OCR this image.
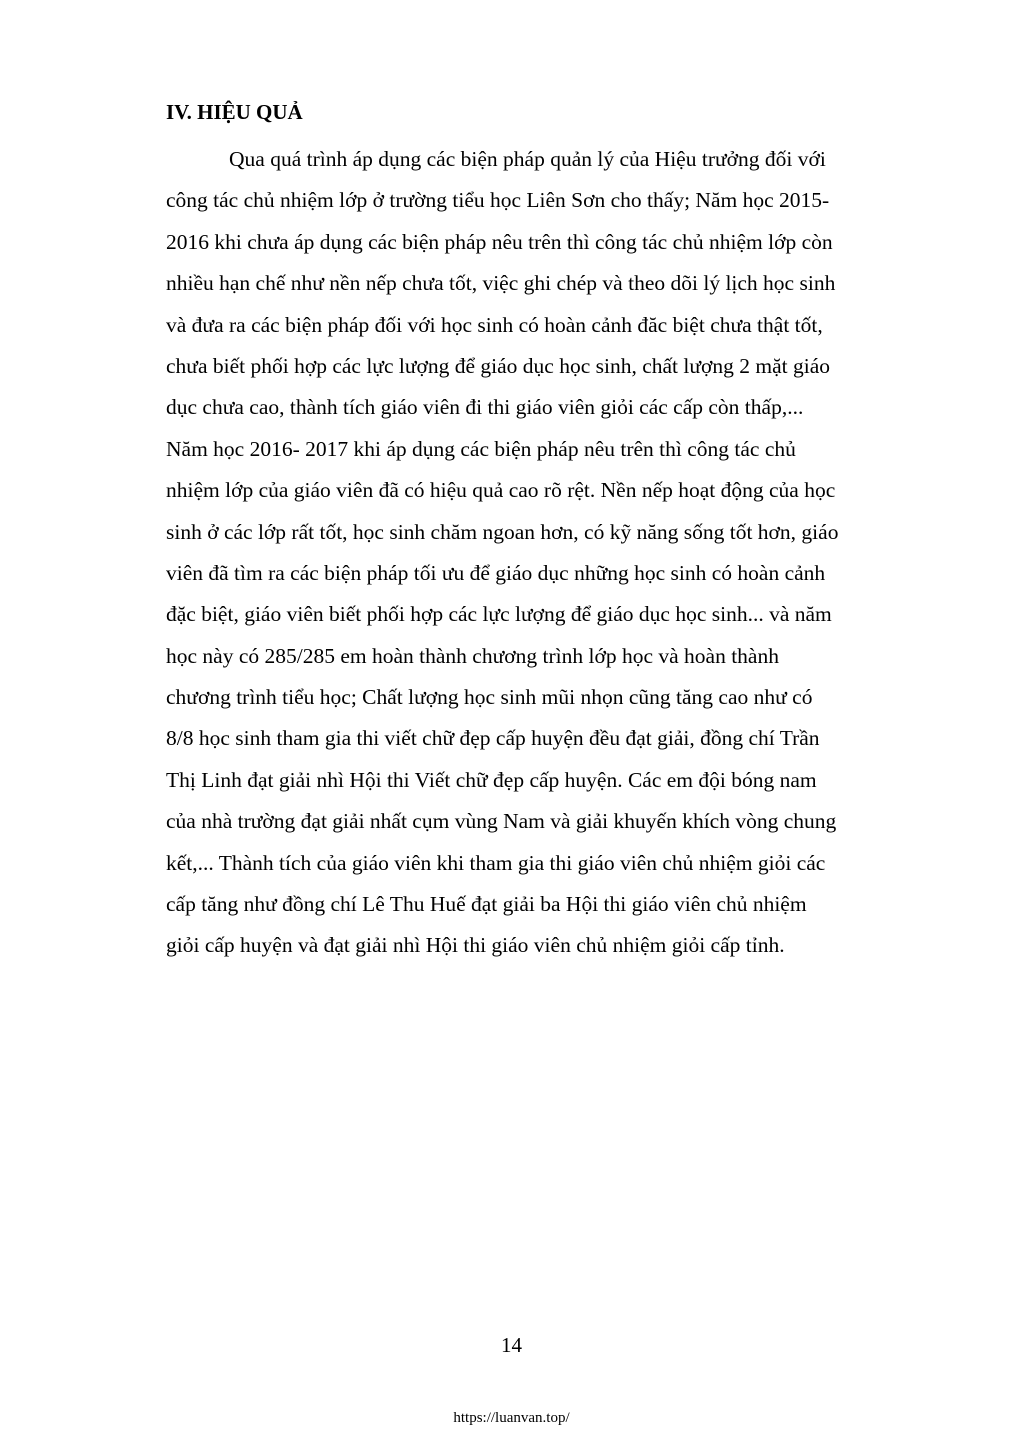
IV. HIỆU QUẢ
Qua quá trình áp dụng các biện pháp quản lý của Hiệu trưởng đối với
công tác chủ nhiệm lớp ở trường tiểu học Liên Sơn cho thấy; Năm học 2015-
2016 khi chưa áp dụng các biện pháp nêu trên thì công tác chủ nhiệm lớp còn
nhiều hạn chế như nền nếp chưa tốt, việc ghi chép và theo dõi lý lịch học sinh
và đưa ra các biện pháp đối với học sinh có hoàn cảnh đăc biệt chưa thật tốt,
chưa biết phối hợp các lực lượng để giáo dục học sinh, chất lượng 2 mặt giáo
dục chưa cao, thành tích giáo viên đi thi giáo viên giỏi các cấp còn thấp,...
Năm học 2016- 2017 khi áp dụng các biện pháp nêu trên thì công tác chủ
nhiệm lớp của giáo viên đã có hiệu quả cao rõ rệt. Nền nếp hoạt động của học
sinh ở các lớp rất tốt, học sinh chăm ngoan hơn, có kỹ năng sống tốt hơn, giáo
viên đã tìm ra các biện pháp tối ưu để giáo dục những học sinh có hoàn cảnh
đặc biệt, giáo viên biết phối hợp các lực lượng để giáo dục học sinh... và năm
học này có 285/285 em hoàn thành chương trình lớp học và hoàn thành
chương trình tiểu học; Chất lượng học sinh mũi nhọn cũng tăng cao như có
8/8 học sinh tham gia thi viết chữ đẹp cấp huyện đều đạt giải, đồng chí Trần
Thị Linh đạt giải nhì Hội thi Viết chữ đẹp cấp huyện. Các em đội bóng nam
của nhà trường đạt giải nhất cụm vùng Nam và giải khuyến khích vòng chung
kết,... Thành tích của giáo viên khi tham gia thi giáo viên chủ nhiệm giỏi các
cấp tăng như đồng chí Lê Thu Huế đạt giải ba Hội thi giáo viên chủ nhiệm
giỏi cấp huyện và đạt giải nhì Hội thi giáo viên chủ nhiệm giỏi cấp tỉnh.
14
https://luanvan.top/
